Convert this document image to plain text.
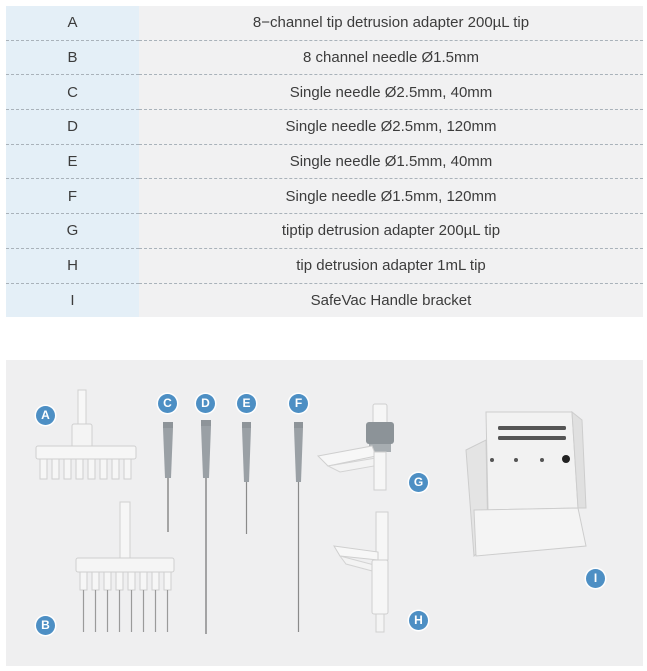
A	8−channel tip detrusion adapter 200µL tip
B	8 channel needle Ø1.5mm
C	Single needle Ø2.5mm, 40mm
D	Single needle Ø2.5mm, 120mm
E	Single needle Ø1.5mm, 40mm
F	Single needle Ø1.5mm, 120mm
G	tiptip detrusion adapter 200µL tip
H	tip detrusion adapter 1mL tip
I	SafeVac Handle bracket
A
B
C	D	E	F
G
H
I
